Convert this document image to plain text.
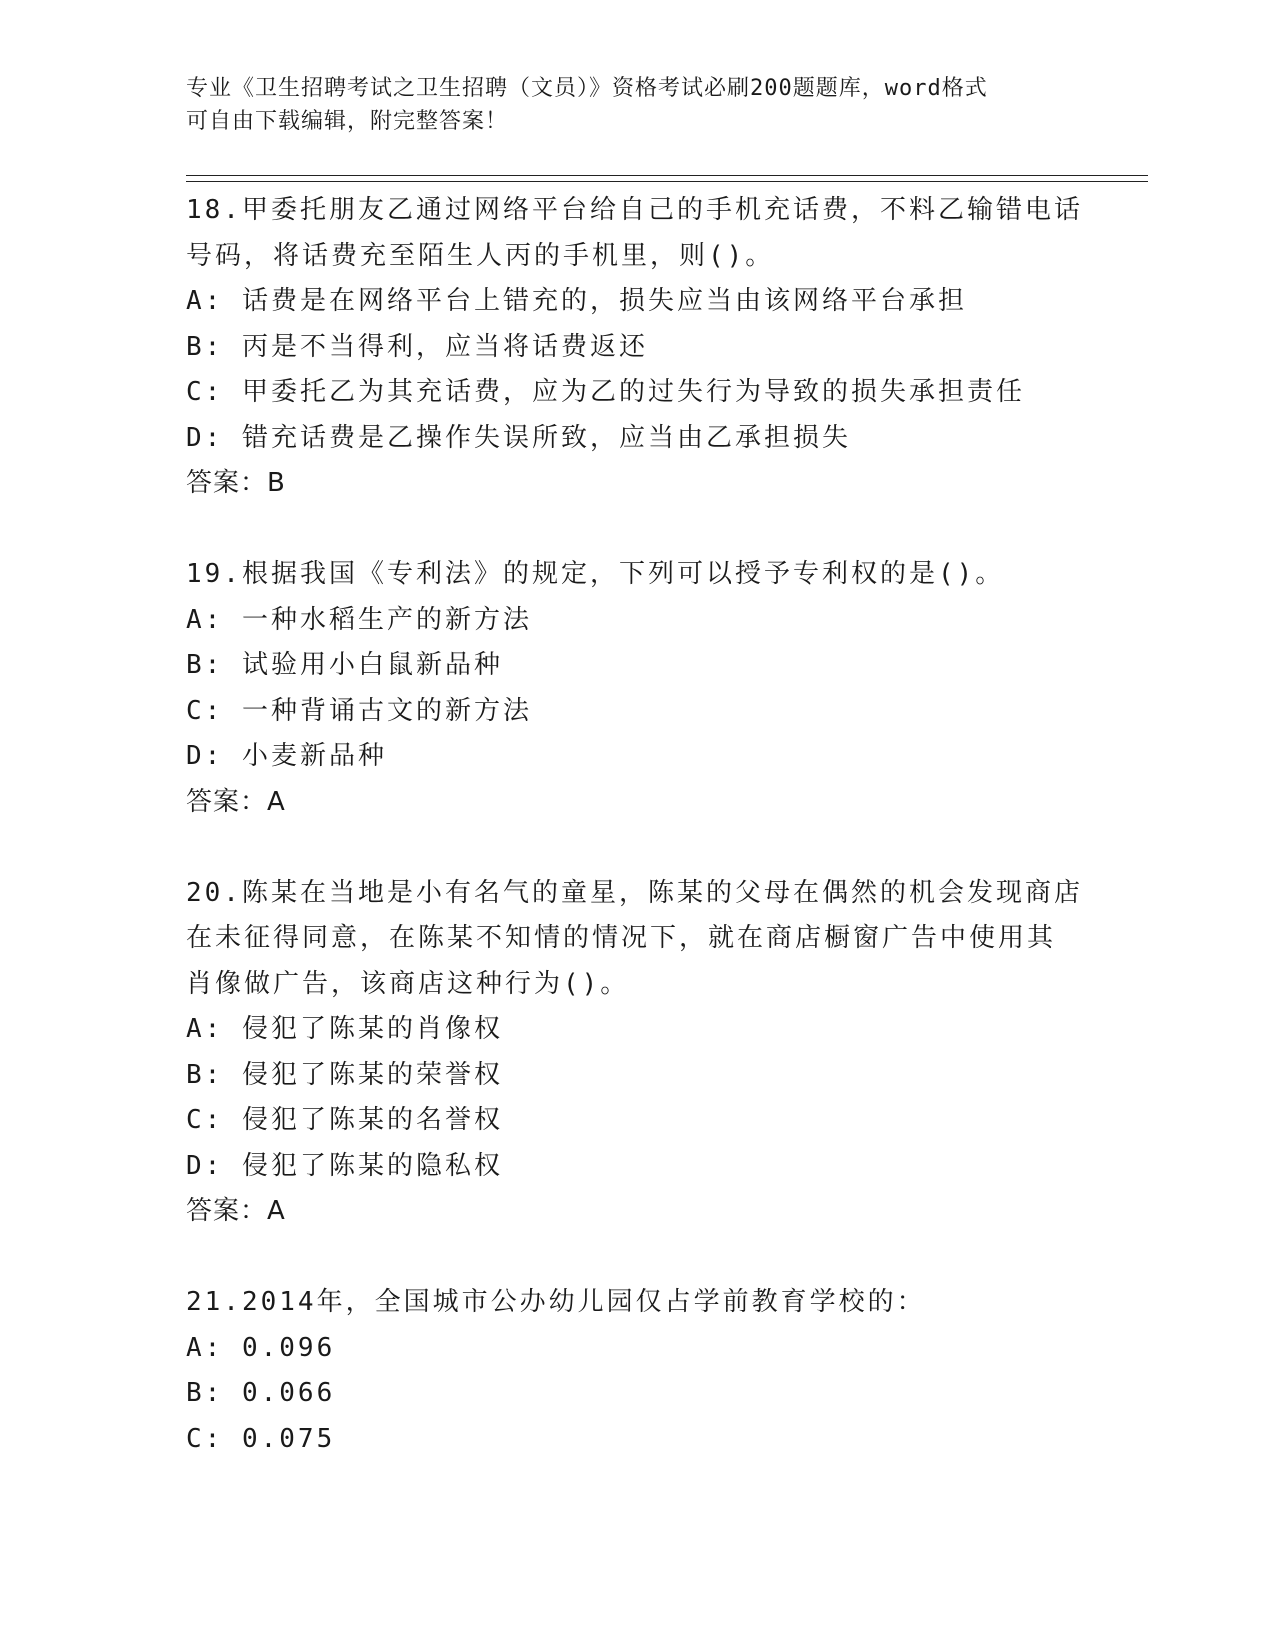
专业《卫生招聘考试之卫生招聘（文员）》资格考试必刷200题题库，word格式
可自由下载编辑，附完整答案！
18.甲委托朋友乙通过网络平台给自己的手机充话费，不料乙输错电话
号码，将话费充至陌生人丙的手机里，则()。
A: 话费是在网络平台上错充的，损失应当由该网络平台承担
B: 丙是不当得利，应当将话费返还
C: 甲委托乙为其充话费，应为乙的过失行为导致的损失承担责任
D: 错充话费是乙操作失误所致，应当由乙承担损失
答案：B
19.根据我国《专利法》的规定，下列可以授予专利权的是()。
A: 一种水稻生产的新方法
B: 试验用小白鼠新品种
C: 一种背诵古文的新方法
D: 小麦新品种
答案：A
20.陈某在当地是小有名气的童星，陈某的父母在偶然的机会发现商店
在未征得同意，在陈某不知情的情况下，就在商店橱窗广告中使用其
肖像做广告，该商店这种行为()。
A: 侵犯了陈某的肖像权
B: 侵犯了陈某的荣誉权
C: 侵犯了陈某的名誉权
D: 侵犯了陈某的隐私权
答案：A
21.2014年，全国城市公办幼儿园仅占学前教育学校的：
A: 0.096
B: 0.066
C: 0.075
